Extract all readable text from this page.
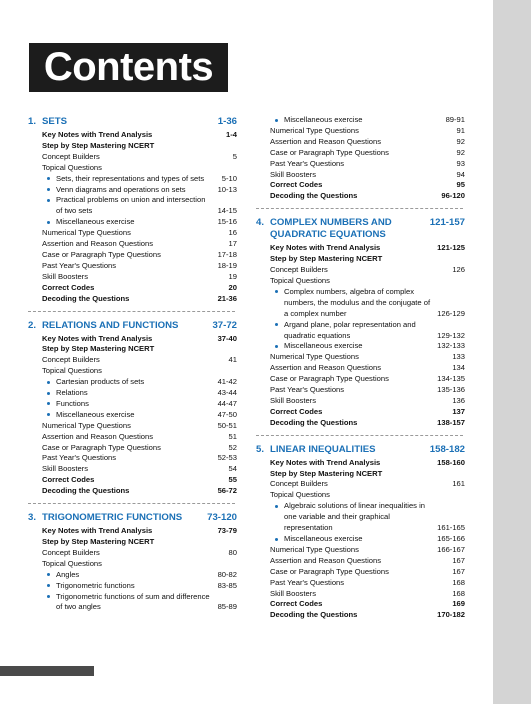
Contents
1. SETS	1-36
Key Notes with Trend Analysis	1-4
Step by Step Mastering NCERT
Concept Builders	5
Topical Questions
Sets, their representations and types of sets	5-10
Venn diagrams and operations on sets	10-13
Practical problems on union and intersection of two sets	14-15
Miscellaneous exercise	15-16
Numerical Type Questions	16
Assertion and Reason Questions	17
Case or Paragraph Type Questions	17-18
Past Year's Questions	18-19
Skill Boosters	19
Correct Codes	20
Decoding the Questions	21-36
2. RELATIONS AND FUNCTIONS	37-72
Key Notes with Trend Analysis	37-40
Step by Step Mastering NCERT
Concept Builders	41
Topical Questions
Cartesian products of sets	41-42
Relations	43-44
Functions	44-47
Miscellaneous exercise	47-50
Numerical Type Questions	50-51
Assertion and Reason Questions	51
Case or Paragraph Type Questions	52
Past Year's Questions	52-53
Skill Boosters	54
Correct Codes	55
Decoding the Questions	56-72
3. TRIGONOMETRIC FUNCTIONS	73-120
Key Notes with Trend Analysis	73-79
Step by Step Mastering NCERT
Concept Builders	80
Topical Questions
Angles	80-82
Trigonometric functions	83-85
Trigonometric functions of sum and difference of two angles	85-89
Miscellaneous exercise	89-91
Numerical Type Questions	91
Assertion and Reason Questions	92
Case or Paragraph Type Questions	92
Past Year's Questions	93
Skill Boosters	94
Correct Codes	95
Decoding the Questions	96-120
4. COMPLEX NUMBERS AND
QUADRATIC EQUATIONS
121-157
Key Notes with Trend Analysis	121-125
Step by Step Mastering NCERT
Concept Builders	126
Topical Questions
Complex numbers, algebra of complex numbers, the modulus and the conjugate of a complex number	126-129
Argand plane, polar representation and quadratic equations	129-132
Miscellaneous exercise	132-133
Numerical Type Questions	133
Assertion and Reason Questions	134
Case or Paragraph Type Questions	134-135
Past Year's Questions	135-136
Skill Boosters	136
Correct Codes	137
Decoding the Questions	138-157
5. LINEAR INEQUALITIES	158-182
Key Notes with Trend Analysis	158-160
Step by Step Mastering NCERT
Concept Builders	161
Topical Questions
Algebraic solutions of linear inequalities in one variable and their graphical representation	161-165
Miscellaneous exercise	165-166
Numerical Type Questions	166-167
Assertion and Reason Questions	167
Case or Paragraph Type Questions	167
Past Year's Questions	168
Skill Boosters	168
Correct Codes	169
Decoding the Questions	170-182
